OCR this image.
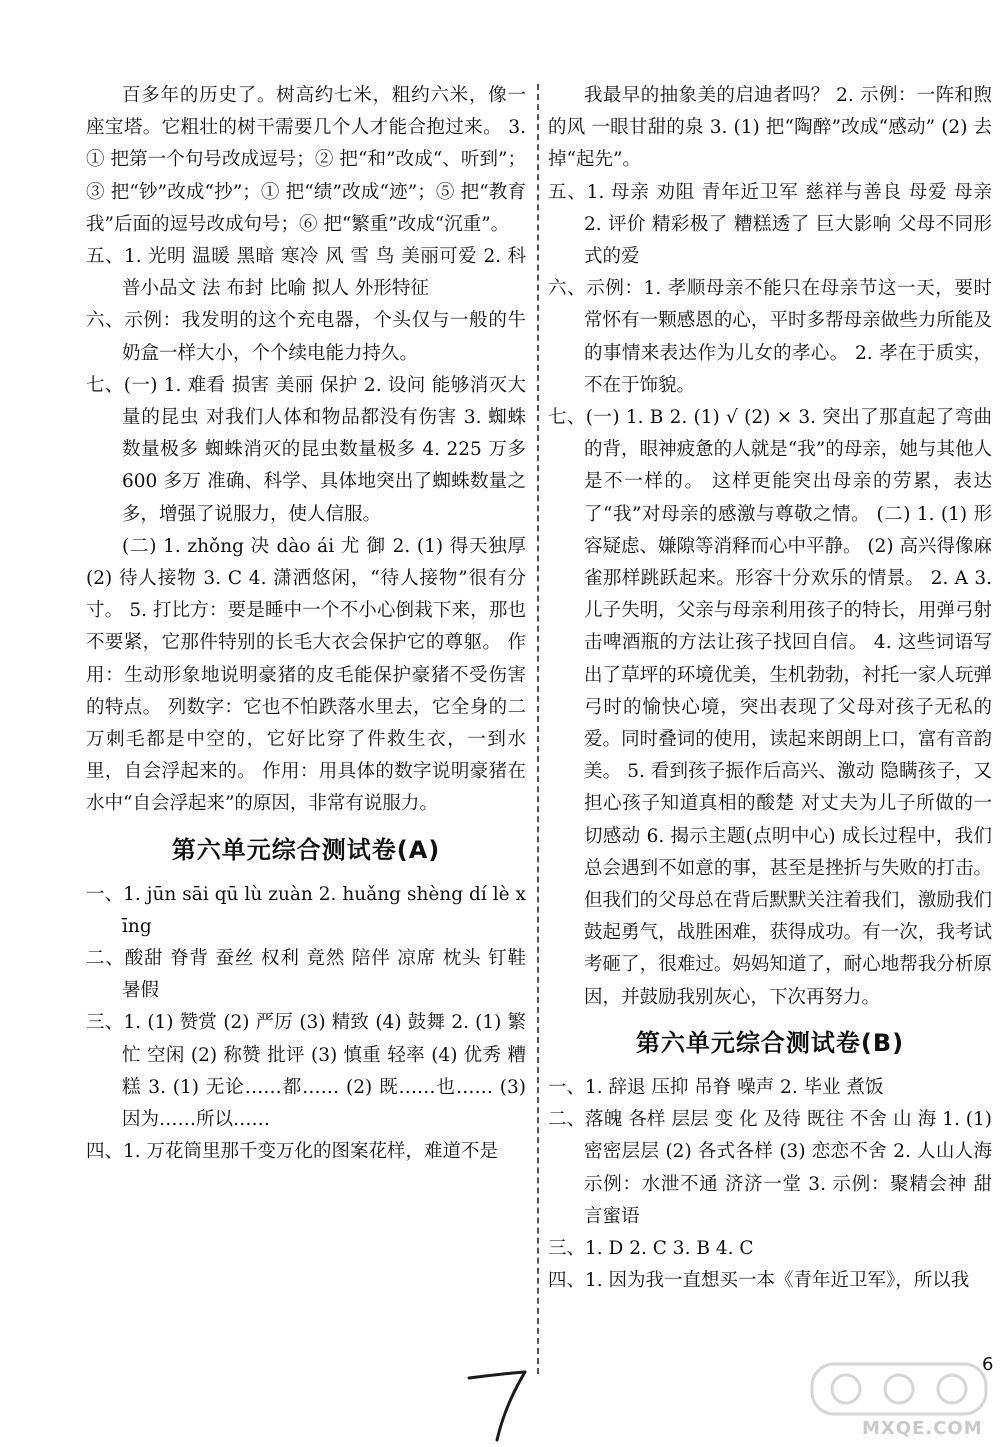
百多年的历史了。树高约七米，粗约六米，像一座宝塔。它粗壮的树干需要几个人才能合抱过来。 3. ① 把第一个句号改成逗号；② 把“和”改成“、听到”；③ 把“钞”改成“抄”；① 把“绩”改成“迹”；⑤ 把“教育我”后面的逗号改成句号；⑥ 把“繁重”改成“沉重”。
五、1. 光明 温暖 黑暗 寒冷 风 雪 鸟 美丽可爱 2. 科普小品文 法 布封 比喻 拟人 外形特征
六、示例：我发明的这个充电器，个头仅与一般的牛奶盒一样大小，个个续电能力持久。
七、(一) 1. 难看 损害 美丽 保护 2. 设问 能够消灭大量的昆虫 对我们人体和物品都没有伤害 3. 蜘蛛数量极多 蜘蛛消灭的昆虫数量极多 4. 225 万多 600 多万 准确、科学、具体地突出了蜘蛛数量之多，增强了说服力，使人信服。
(二) 1. zhǒng 决 dào ái 尤 御 2. (1) 得天独厚 (2) 待人接物 3. C 4. 潇洒悠闲，“待人接物”很有分寸。 5. 打比方：要是睡中一个不小心倒栽下来，那也不要紧，它那件特别的长毛大衣会保护它的尊躯。 作用：生动形象地说明豪猪的皮毛能保护豪猪不受伤害的特点。 列数字：它也不怕跌落水里去，它全身的二万刺毛都是中空的，它好比穿了件救生衣，一到水里，自会浮起来的。 作用：用具体的数字说明豪猪在水中“自会浮起来”的原因，非常有说服力。
第六单元综合测试卷(A)
一、1. jūn sāi qū lù zuàn 2. huǎng shèng dí lè xīng
二、酸甜 脊背 蚕丝 权利 竟然 陪伴 凉席 枕头 钉鞋 暑假
三、1. (1) 赞赏 (2) 严厉 (3) 精致 (4) 鼓舞 2. (1) 繁忙 空闲 (2) 称赞 批评 (3) 慎重 轻率 (4) 优秀 糟糕 3. (1) 无论……都…… (2) 既……也…… (3) 因为……所以……
四、1. 万花筒里那千变万化的图案花样，难道不是
我最早的抽象美的启迪者吗？ 2. 示例：一阵和煦的风 一眼甘甜的泉 3. (1) 把“陶醉”改成“感动” (2) 去掉“起先”。
五、1. 母亲 劝阻 青年近卫军 慈祥与善良 母爱 母亲 2. 评价 精彩极了 糟糕透了 巨大影响 父母不同形式的爱
六、示例：1. 孝顺母亲不能只在母亲节这一天，要时常怀有一颗感恩的心，平时多帮母亲做些力所能及的事情来表达作为儿女的孝心。 2. 孝在于质实，不在于饰貌。
七、(一) 1. B 2. (1) √ (2) × 3. 突出了那直起了弯曲的背，眼神疲惫的人就是“我”的母亲，她与其他人是不一样的。 这样更能突出母亲的劳累，表达了“我”对母亲的感激与尊敬之情。 (二) 1. (1) 形容疑虑、嫌隙等消释而心中平静。 (2) 高兴得像麻雀那样跳跃起来。形容十分欢乐的情景。 2. A 3. 儿子失明，父亲与母亲利用孩子的特长，用弹弓射击啤酒瓶的方法让孩子找回自信。 4. 这些词语写出了草坪的环境优美，生机勃勃，衬托一家人玩弹弓时的愉快心境，突出表现了父母对孩子无私的爱。同时叠词的使用，读起来朗朗上口，富有音韵美。 5. 看到孩子振作后高兴、激动 隐瞒孩子，又担心孩子知道真相的酸楚 对丈夫为儿子所做的一切感动 6. 揭示主题(点明中心) 成长过程中，我们总会遇到不如意的事，甚至是挫折与失败的打击。但我们的父母总在背后默默关注着我们，激励我们鼓起勇气，战胜困难，获得成功。有一次，我考试考砸了，很难过。妈妈知道了，耐心地帮我分析原因，并鼓励我别灰心，下次再努力。
第六单元综合测试卷(B)
一、1. 辞退 压抑 吊脊 噪声 2. 毕业 煮饭
二、落魄 各样 层层 变 化 及待 既往 不舍 山 海 1. (1) 密密层层 (2) 各式各样 (3) 恋恋不舍 2. 人山人海 示例：水泄不通 济济一堂 3. 示例：聚精会神 甜言蜜语
三、1. D 2. C 3. B 4. C
四、1. 因为我一直想买一本《青年近卫军》，所以我
6
MXQE.COM
